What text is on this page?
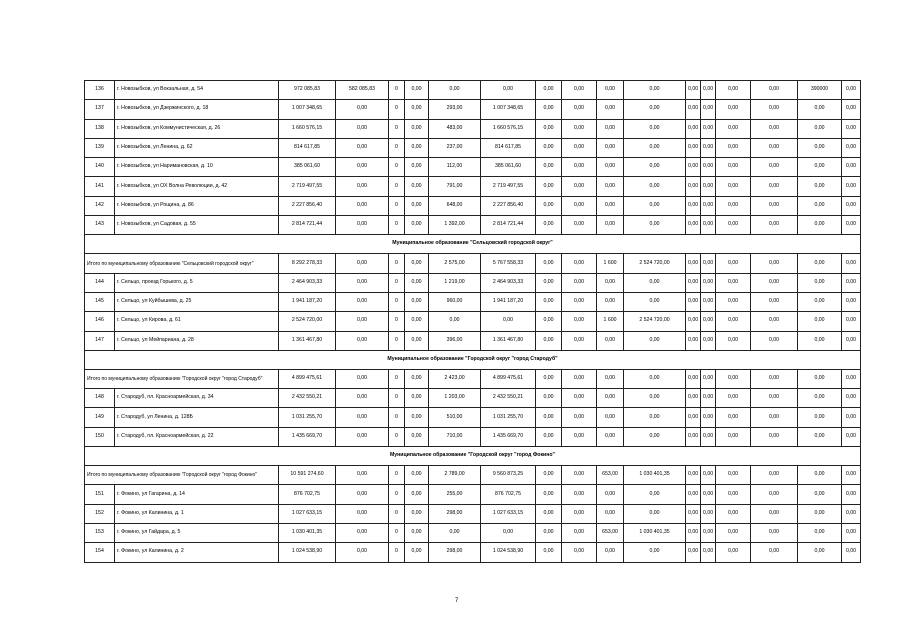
136	г. Новозыбков, ул Вокзальная, д. 54	972 085,83	582 085,83	0	0,00	0,00	0,00	0,00	0,00	0,00	0,00	0,00	0,00	0,00	0,00	390000	0,00
137	г. Новозыбков, ул Дзержинского, д. 18	1 007 348,65	0,00	0	0,00	293,00	1 007 348,65	0,00	0,00	0,00	0,00	0,00	0,00	0,00	0,00	0,00	0,00
138	г. Новозыбков, ул Коммунистическая, д. 26	1 660 576,15	0,00	0	0,00	483,00	1 660 576,15	0,00	0,00	0,00	0,00	0,00	0,00	0,00	0,00	0,00	0,00
139	г. Новозыбков, ул Ленина, д. 62	814 617,85	0,00	0	0,00	237,00	814 617,85	0,00	0,00	0,00	0,00	0,00	0,00	0,00	0,00	0,00	0,00
140	г. Новозыбков, ул Наримановская, д. 10	385 061,60	0,00	0	0,00	112,00	385 061,60	0,00	0,00	0,00	0,00	0,00	0,00	0,00	0,00	0,00	0,00
141	г. Новозыбков, ул ОХ Волна Революции, д. 42	2 719 497,55	0,00	0	0,00	791,00	2 719 497,55	0,00	0,00	0,00	0,00	0,00	0,00	0,00	0,00	0,00	0,00
142	г. Новозыбков, ул Рощина, д. 86	2 227 856,40	0,00	0	0,00	648,00	2 227 856,40	0,00	0,00	0,00	0,00	0,00	0,00	0,00	0,00	0,00	0,00
143	г. Новозыбков, ул Садовая, д. 55	2 814 721,44	0,00	0	0,00	1 392,00	2 814 721,44	0,00	0,00	0,00	0,00	0,00	0,00	0,00	0,00	0,00	0,00
Муниципальное образование "Сельцовский городской округ"																	
Итого по муниципальному образованию "Сельцовский городской округ"		8 292 278,33	0,00	0	0,00	2 575,00	5 767 558,33	0,00	0,00	1 600	2 524 720,00	0,00	0,00	0,00	0,00	0,00	0,00
144	г. Сельцо, проезд Горького, д. 5	2 464 903,33	0,00	0	0,00	1 219,00	2 464 903,33	0,00	0,00	0,00	0,00	0,00	0,00	0,00	0,00	0,00	0,00
145	г. Сельцо, ул Куйбышева, д. 25	1 941 187,20	0,00	0	0,00	960,00	1 941 187,20	0,00	0,00	0,00	0,00	0,00	0,00	0,00	0,00	0,00	0,00
146	г. Сельцо, ул Кирова, д. 61	2 524 720,00	0,00	0	0,00	0,00	0,00	0,00	0,00	1 600	2 524 720,00	0,00	0,00	0,00	0,00	0,00	0,00
147	г. Сельцо, ул Мейпариана, д. 28	1 361 467,80	0,00	0	0,00	396,00	1 361 467,80	0,00	0,00	0,00	0,00	0,00	0,00	0,00	0,00	0,00	0,00
Муниципальное образование "Городской округ "город Стародуб"																	
Итого по муниципальному образованию "Городской округ "город Стародуб"		4 899 475,61	0,00	0	0,00	2 423,00	4 899 475,61	0,00	0,00	0,00	0,00	0,00	0,00	0,00	0,00	0,00	0,00
148	г. Стародуб, пл. Красноармейская, д. 34	2 432 550,21	0,00	0	0,00	1 203,00	2 432 550,21	0,00	0,00	0,00	0,00	0,00	0,00	0,00	0,00	0,00	0,00
149	г. Стародуб, ул Ленина, д. 128Б	1 031 255,70	0,00	0	0,00	510,00	1 031 255,70	0,00	0,00	0,00	0,00	0,00	0,00	0,00	0,00	0,00	0,00
150	г. Стародуб, пл. Красноармейская, д. 22	1 435 669,70	0,00	0	0,00	710,00	1 435 669,70	0,00	0,00	0,00	0,00	0,00	0,00	0,00	0,00	0,00	0,00
Муниципальное образование "Городской округ "город Фокино"																	
Итого по муниципальному образованию "Городской округ "город Фокино"		10 591 274,60	0,00	0	0,00	2 789,00	9 560 873,25	0,00	0,00	653,00	1 030 401,35	0,00	0,00	0,00	0,00	0,00	0,00
151	г. Фокино, ул Гагарина, д. 14	876 702,75	0,00	0	0,00	255,00	876 702,75	0,00	0,00	0,00	0,00	0,00	0,00	0,00	0,00	0,00	0,00
152	г. Фокино, ул Калинина, д. 1	1 027 633,15	0,00	0	0,00	298,00	1 027 633,15	0,00	0,00	0,00	0,00	0,00	0,00	0,00	0,00	0,00	0,00
153	г. Фокино, ул Гайдара, д. 5	1 030 401,35	0,00	0	0,00	0,00	0,00	0,00	0,00	653,00	1 030 401,35	0,00	0,00	0,00	0,00	0,00	0,00
154	г. Фокино, ул Калинина, д. 2	1 024 538,90	0,00	0	0,00	298,00	1 024 538,90	0,00	0,00	0,00	0,00	0,00	0,00	0,00	0,00	0,00	0,00
7
